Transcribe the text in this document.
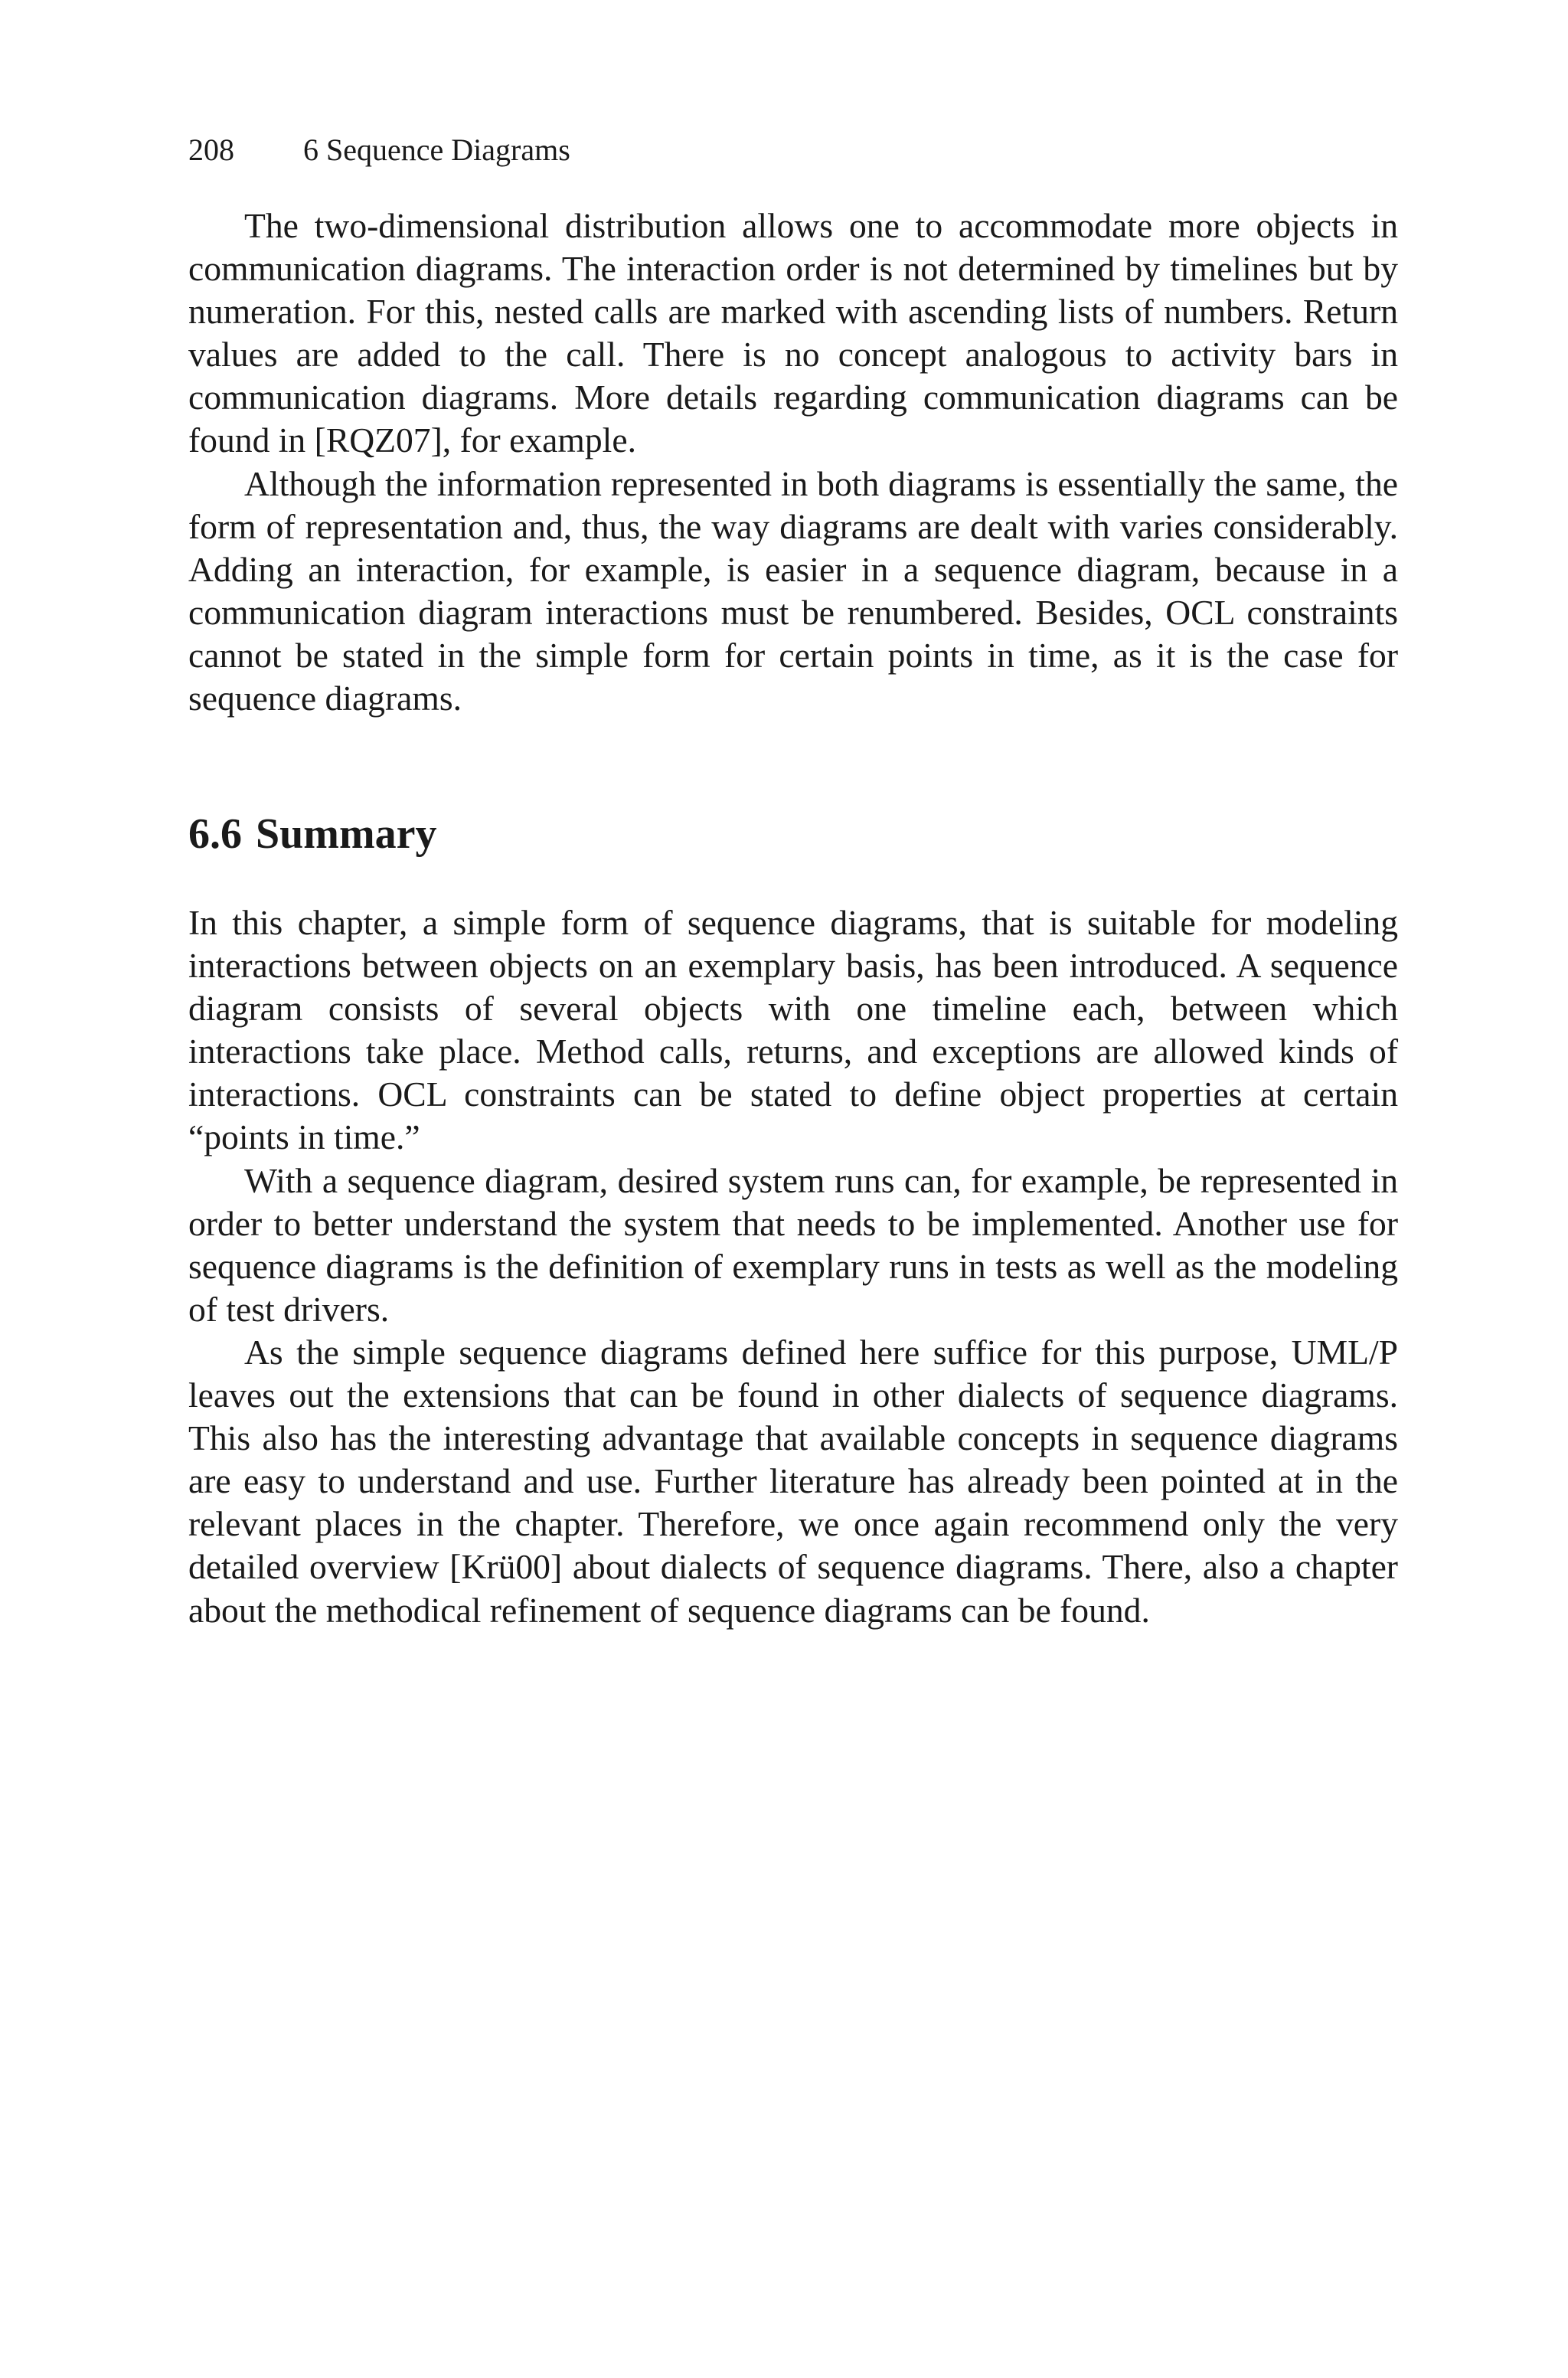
208 6 Sequence Diagrams

The two-dimensional distribution allows one to accommodate more objects in communication diagrams. The interaction order is not determined by timelines but by numeration. For this, nested calls are marked with ascending lists of numbers. Return values are added to the call. There is no concept analogous to activity bars in communication diagrams. More details regarding communication diagrams can be found in [RQZ07], for example.

Although the information represented in both diagrams is essentially the same, the form of representation and, thus, the way diagrams are dealt with varies considerably. Adding an interaction, for example, is easier in a sequence diagram, because in a communication diagram interactions must be renumbered. Besides, OCL constraints cannot be stated in the simple form for certain points in time, as it is the case for sequence diagrams.

6.6 Summary

In this chapter, a simple form of sequence diagrams, that is suitable for modeling interactions between objects on an exemplary basis, has been introduced. A sequence diagram consists of several objects with one timeline each, between which interactions take place. Method calls, returns, and exceptions are allowed kinds of interactions. OCL constraints can be stated to define object properties at certain “points in time.”

With a sequence diagram, desired system runs can, for example, be represented in order to better understand the system that needs to be implemented. Another use for sequence diagrams is the definition of exemplary runs in tests as well as the modeling of test drivers.

As the simple sequence diagrams defined here suffice for this purpose, UML/P leaves out the extensions that can be found in other dialects of sequence diagrams. This also has the interesting advantage that available concepts in sequence diagrams are easy to understand and use. Further literature has already been pointed at in the relevant places in the chapter. Therefore, we once again recommend only the very detailed overview [Krü00] about dialects of sequence diagrams. There, also a chapter about the methodical refinement of sequence diagrams can be found.
